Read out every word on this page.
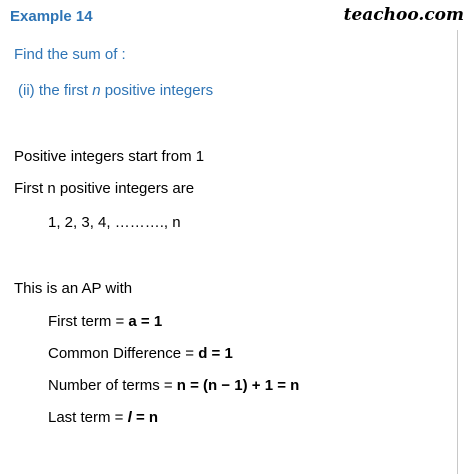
Example 14	teachoo.com
Find the sum of :
(ii) the first n positive integers
Positive integers start from 1
First n positive integers are
1, 2, 3, 4, ………., n
This is an AP with
First term = a = 1
Common Difference = d = 1
Number of terms = n = (n − 1) + 1 = n
Last term = l = n
